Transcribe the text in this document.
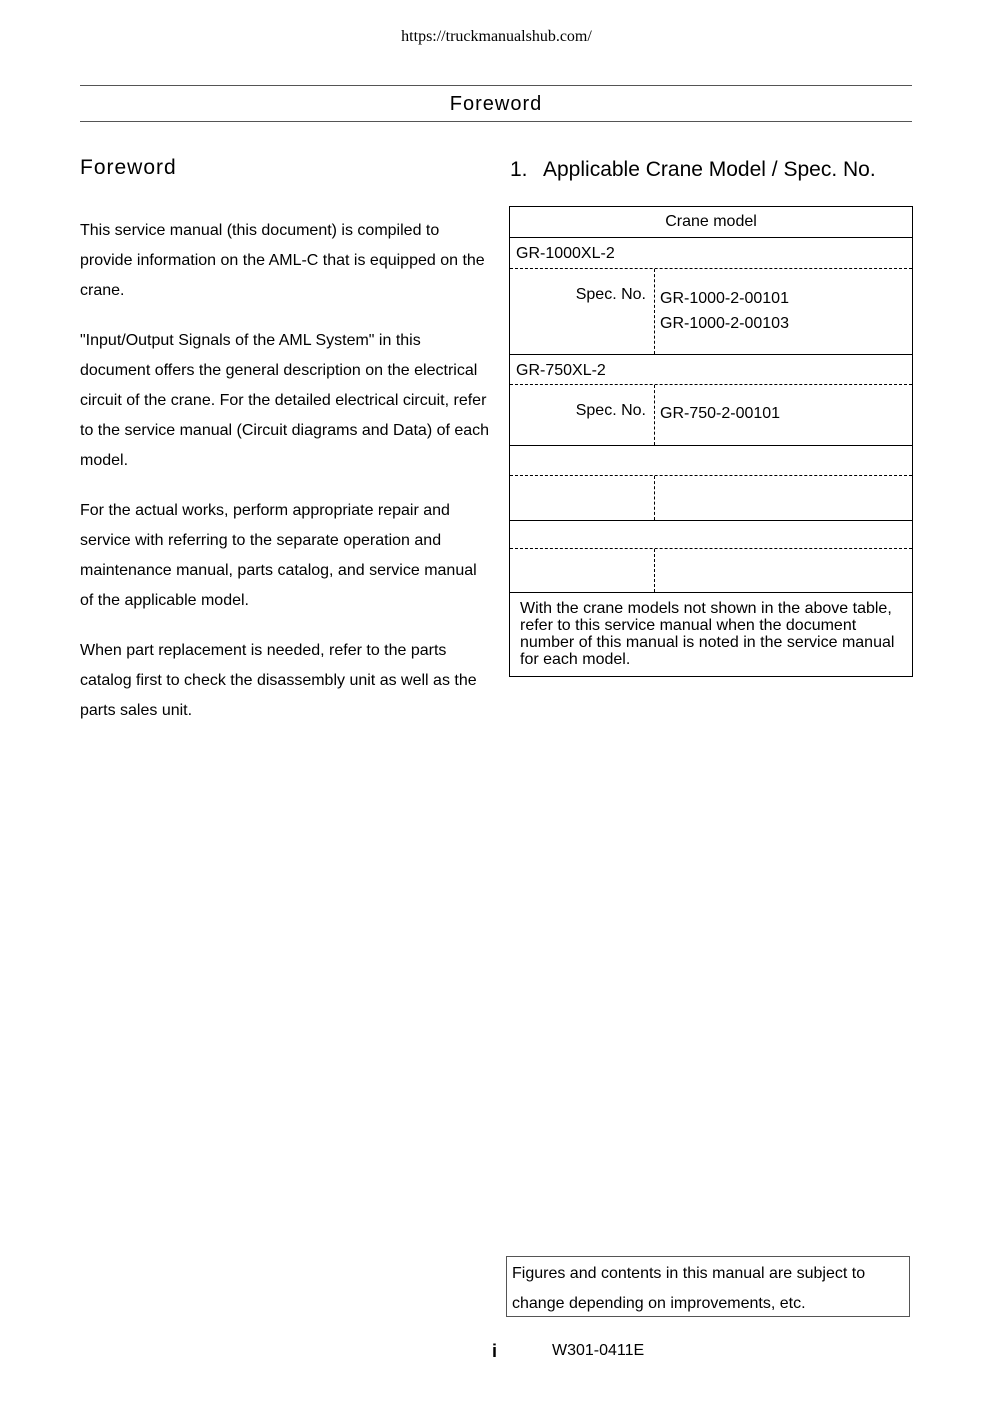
https://truckmanualshub.com/
Foreword
Foreword

This service manual (this document) is compiled to provide information on the AML-C that is equipped on the crane.

"Input/Output Signals of the AML System" in this document offers the general description on the electrical circuit of the crane. For the detailed electrical circuit, refer to the service manual (Circuit diagrams and Data) of each model.

For the actual works, perform appropriate repair and service with referring to the separate operation and maintenance manual, parts catalog, and service manual of the applicable model.

When part replacement is needed, refer to the parts catalog first to check the disassembly unit as well as the parts sales unit.

1. Applicable Crane Model / Spec. No.
Crane model
GR-1000XL-2
Spec. No. GR-1000-2-00101
GR-1000-2-00103
GR-750XL-2
Spec. No. GR-750-2-00101
With the crane models not shown in the above table, refer to this service manual when the document number of this manual is noted in the service manual for each model.
Figures and contents in this manual are subject to change depending on improvements, etc.
i	W301-0411E
